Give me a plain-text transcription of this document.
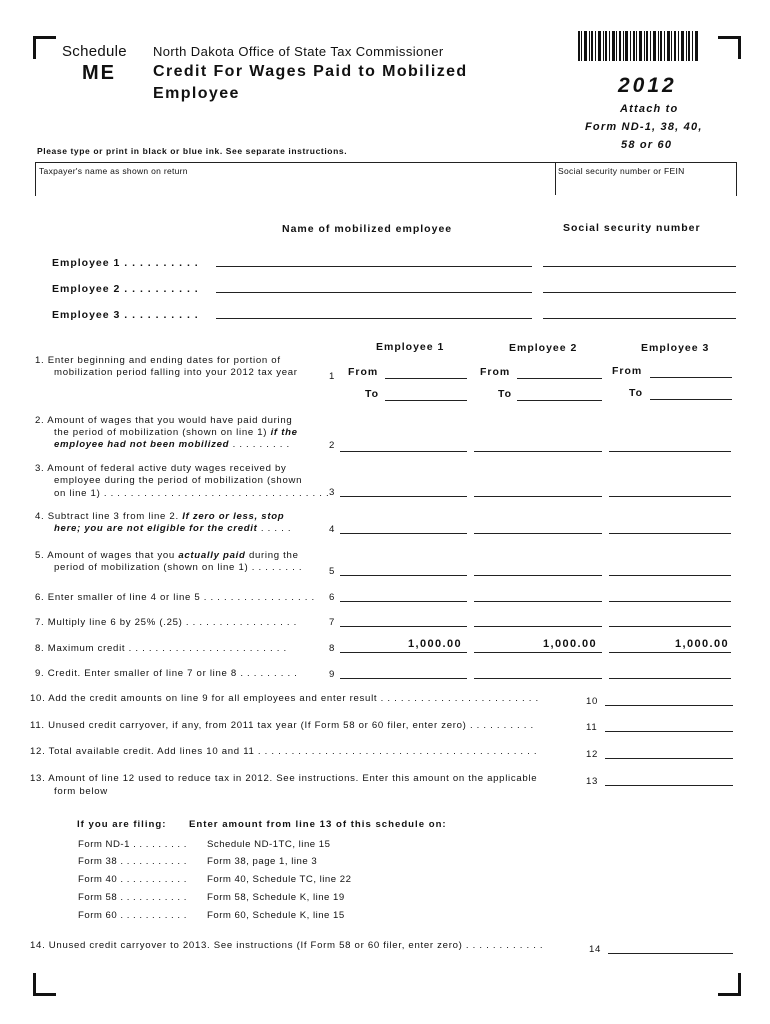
Schedule
ME
North Dakota Office of State Tax Commissioner
Credit For Wages Paid to Mobilized
Employee	2012
Attach to
Form ND-1, 38, 40,
58 or 60
Please type or print in black or blue ink. See separate instructions.
Taxpayer's name as shown on return	Social security number or FEIN
Name of mobilized employee	Social security number
Employee 1 . . . . . . . . . .
Employee 2 . . . . . . . . . .
Employee 3 . . . . . . . . . .
Employee 1	Employee 2	Employee 3
1. Enter beginning and ending dates for portion of
mobilization period falling into your 2012 tax year	1 From	From	From
To	To	To
2. Amount of wages that you would have paid during
the period of mobilization (shown on line 1) if the
employee had not been mobilized . . . . . . . . .	2
3. Amount of federal active duty wages received by
employee during the period of mobilization (shown
on line 1) . . . . . . . . . . . . . . . . . . . . . . . . . . . . . . . . . . 3
4. Subtract line 3 from line 2. If zero or less, stop
here; you are not eligible for the credit . . . . .	4
5. Amount of wages that you actually paid during the
period of mobilization (shown on line 1) . . . . . . . .	5
6. Enter smaller of line 4 or line 5 . . . . . . . . . . . . . . . . . 6
7. Multiply line 6 by 25% (.25) . . . . . . . . . . . . . . . . .	7
8. Maximum credit . . . . . . . . . . . . . . . . . . . . . . . .	8	1,000.00	1,000.00	1,000.00
9. Credit. Enter smaller of line 7 or line 8 . . . . . . . . .	9
10. Add the credit amounts on line 9 for all employees and enter result . . . . . . . . . . . . . . . . . . . . . . . .	10
11. Unused credit carryover, if any, from 2011 tax year (If Form 58 or 60 filer, enter zero) . . . . . . . . . .	11
12. Total available credit. Add lines 10 and 11 . . . . . . . . . . . . . . . . . . . . . . . . . . . . . . . . . . . . . . . . . .	12
13. Amount of line 12 used to reduce tax in 2012. See instructions. Enter this amount on the applicable
form below
13
If you are filing: Enter amount from line 13 of this schedule on:
Form ND-1 . . . . . . . . . Schedule ND-1TC, line 15
Form 38 . . . . . . . . . . . Form 38, page 1, line 3
Form 40 . . . . . . . . . . . Form 40, Schedule TC, line 22
Form 58 . . . . . . . . . . . Form 58, Schedule K, line 19
Form 60 . . . . . . . . . . . Form 60, Schedule K, line 15
14. Unused credit carryover to 2013. See instructions (If Form 58 or 60 filer, enter zero) . . . . . . . . . . . .	14
